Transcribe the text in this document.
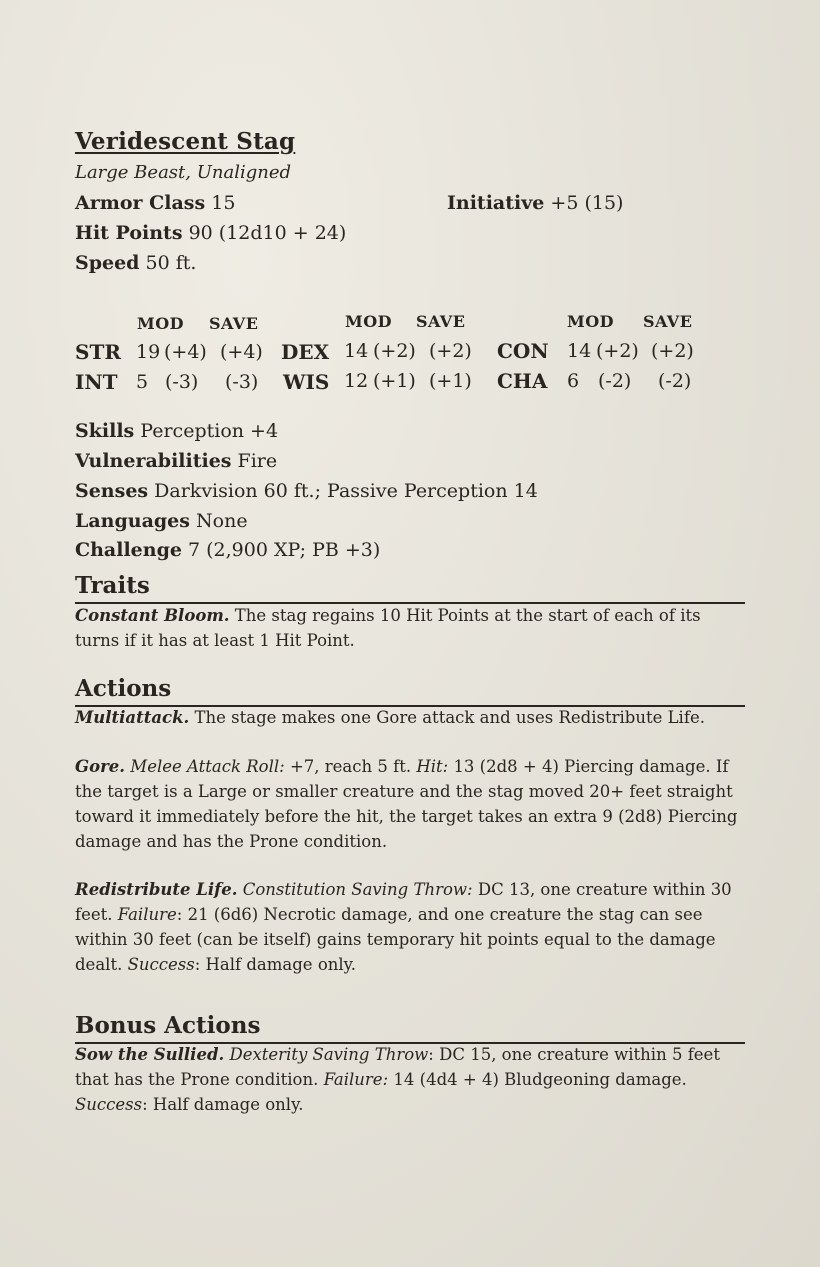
Veridescent Stag
Large Beast, Unaligned
Armor Class 15	Initiative +5 (15)
Hit Points 90 (12d10 + 24)
Speed 50 ft.
MOD SAVE	MOD SAVE	MOD SAVE
STR 19 (+4) (+4) DEX 14 (+2) (+2) CON 14 (+2) (+2)
INT 5 (-3) (-3) WIS 12 (+1) (+1) CHA 6 (-2) (-2)
Skills Perception +4
Vulnerabilities Fire
Senses Darkvision 60 ft.; Passive Perception 14
Languages None
Challenge 7 (2,900 XP; PB +3)
Traits
Constant Bloom. The stag regains 10 Hit Points at the start of each of its turns if it has at least 1 Hit Point.
Actions
Multiattack. The stage makes one Gore attack and uses Redistribute Life.
Gore. Melee Attack Roll: +7, reach 5 ft. Hit: 13 (2d8 + 4) Piercing damage. If the target is a Large or smaller creature and the stag moved 20+ feet straight toward it immediately before the hit, the target takes an extra 9 (2d8) Piercing damage and has the Prone condition.
Redistribute Life. Constitution Saving Throw: DC 13, one creature within 30 feet. Failure: 21 (6d6) Necrotic damage, and one creature the stag can see within 30 feet (can be itself) gains temporary hit points equal to the damage dealt. Success: Half damage only.
Bonus Actions
Sow the Sullied. Dexterity Saving Throw: DC 15, one creature within 5 feet that has the Prone condition. Failure: 14 (4d4 + 4) Bludgeoning damage. Success: Half damage only.
